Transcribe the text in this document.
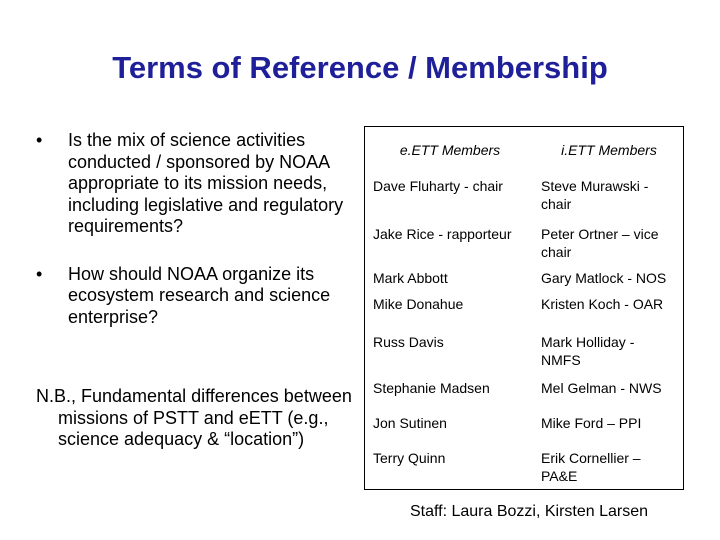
Terms of Reference / Membership
•	Is the mix of science activities conducted / sponsored by NOAA appropriate to its mission needs, including legislative and regulatory requirements?
•	How should NOAA organize its ecosystem research and science enterprise?
N.B., Fundamental differences between missions of PSTT and eETT (e.g., science adequacy & “location”)
e.ETT Members	i.ETT Members
Dave Fluharty - chair	Steve Murawski - chair
Jake Rice - rapporteur	Peter Ortner – vice chair
Mark Abbott	Gary Matlock - NOS
Mike Donahue	Kristen Koch - OAR
Russ Davis	Mark Holliday - NMFS
Stephanie Madsen	Mel Gelman - NWS
Jon Sutinen	Mike Ford – PPI
Terry Quinn	Erik Cornellier – PA&E
Staff: Laura Bozzi, Kirsten Larsen
